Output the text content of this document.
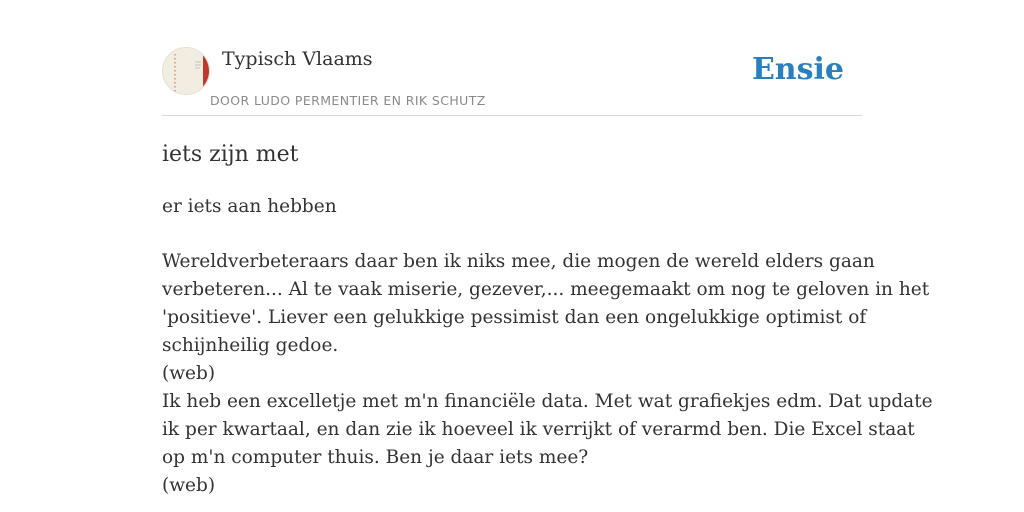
Typisch Vlaams
DOOR LUDO PERMENTIER EN RIK SCHUTZ
Ensie
iets zijn met

er iets aan hebben

Wereldverbeteraars daar ben ik niks mee, die mogen de wereld elders gaan
verbeteren... Al te vaak miserie, gezever,... meegemaakt om nog te geloven in het
'positieve'. Liever een gelukkige pessimist dan een ongelukkige optimist of
schijnheilig gedoe.
(web)
Ik heb een excelletje met m'n financiële data. Met wat grafiekjes edm. Dat update
ik per kwartaal, en dan zie ik hoeveel ik verrijkt of verarmd ben. Die Excel staat
op m'n computer thuis. Ben je daar iets mee?
(web)
